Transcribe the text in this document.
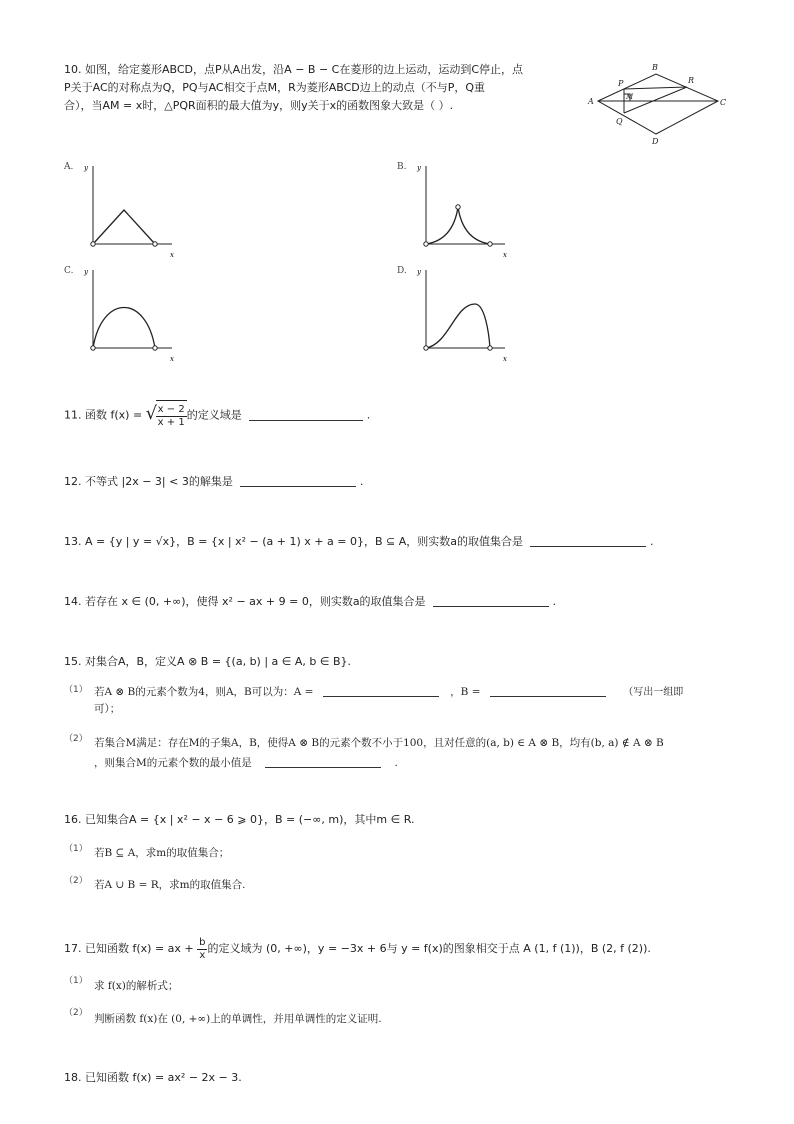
10. 如图，给定菱形ABCD，点P从A出发，沿A − B − C在菱形的边上运动，运动到C停止，点
P关于AC的对称点为Q，PQ与AC相交于点M，R为菱形ABCD边上的动点（不与P，Q重
合），当AM = x时，△PQR面积的最大值为y，则y关于x的函数图象大致是（ ）.	A
B
C
D
P
Q
R
M
A. y
x
B. y
x
C. y
x
D. y
x
11. 函数 f(x) =
√ $\frac{x - 2}{x + 1}$ 的定义域是	.
12. 不等式 |2x − 3| < 3的解集是	.
13. A = {y | y = √x}，B = {x | x² − (a + 1) x + a = 0}，B ⊆ A，则实数a的取值集合是	.
14. 若存在 x ∈ (0, +∞)，使得 x² − ax + 9 = 0，则实数a的取值集合是	.
15. 对集合A，B，定义A ⊗ B = {(a, b) | a ∈ A, b ∈ B}.
（1） 若A ⊗ B的元素个数为4，则A，B可以为：A =	，B =	（写出一组即
可）；
（2） 若集合M满足：存在M的子集A，B，使得A ⊗ B的元素个数不小于100，且对任意的(a, b) ∈ A ⊗ B，均有(b, a) ∉ A ⊗ B
，则集合M的元素个数的最小值是	.
16. 已知集合A = {x | x² − x − 6 ⩾ 0}，B = (−∞, m)，其中m ∈ R.
（1） 若B ⊆ A，求m的取值集合；
（2） 若A ∪ B = R，求m的取值集合.
17. 已知函数 f(x) = ax + $\frac{b}{x}$ 的定义域为 (0, +∞)，y = −3x + 6与 y = f(x)的图象相交于点 A (1, f (1))，B (2, f (2)).
（1） 求 f(x)的解析式；
（2） 判断函数 f(x)在 (0, +∞)上的单调性，并用单调性的定义证明.
18. 已知函数 f(x) = ax² − 2x − 3.
